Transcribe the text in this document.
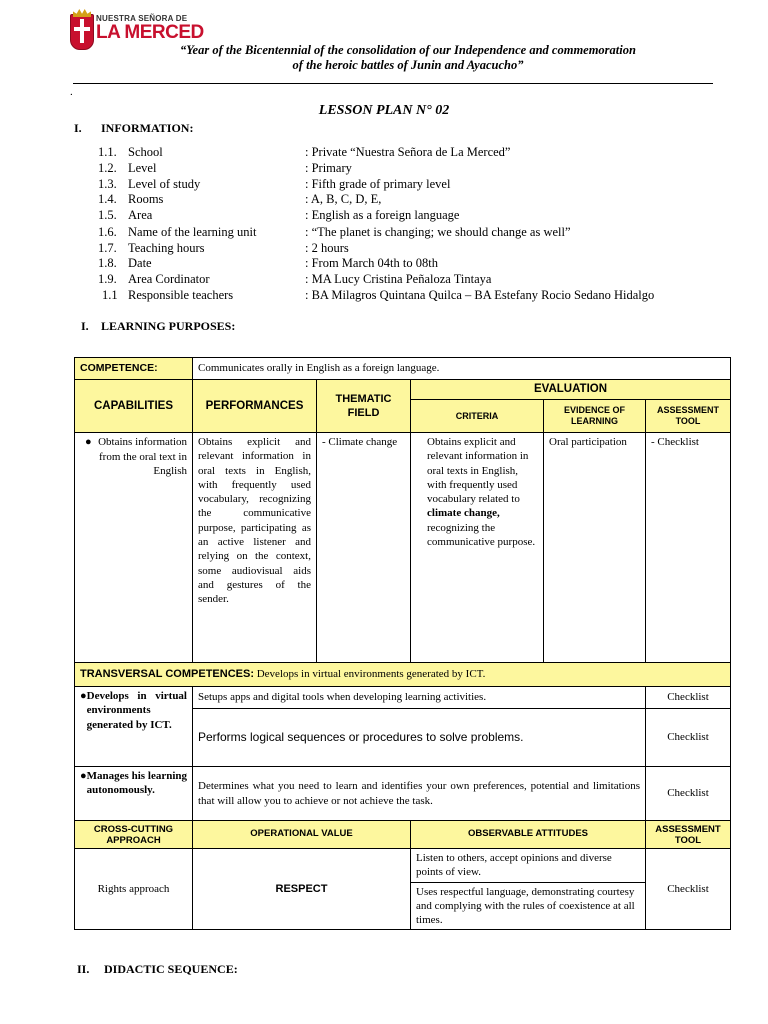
NUESTRA SEÑORA DE
LA MERCED
“Year of the Bicentennial of the consolidation of our Independence and commemoration
of the heroic battles of Junin and Ayacucho”
.
LESSON PLAN N° 02
I. INFORMATION:
1.1. School	: Private “Nuestra Señora de La Merced”
1.2. Level	: Primary
1.3. Level of study	: Fifth grade of primary level
1.4. Rooms	: A, B, C, D, E,
1.5. Area	: English as a foreign language
1.6. Name of the learning unit	: “The planet is changing; we should change as well”
1.7. Teaching hours	: 2 hours
1.8. Date	: From March 04th to 08th
1.9. Area Cordinator	: MA Lucy Cristina Peñaloza Tintaya
1.1 Responsible teachers	: BA Milagros Quintana Quilca – BA Estefany Rocio Sedano Hidalgo
I. LEARNING PURPOSES:
COMPETENCE:	Communicates orally in English as a foreign language.				
CAPABILITIES	PERFORMANCES	THEMATIC FIELD	EVALUATION		
			CRITERIA	EVIDENCE OF LEARNING	ASSESSMENT TOOL

● Obtains information from the oral text in English	Obtains explicit and relevant information in oral texts in English, with frequently used vocabulary, recognizing the communicative purpose, participating as an active listener and relying on the context, some audiovisual aids and gestures of the sender.	- Climate change	Obtains explicit and relevant information in oral texts in English, with frequently used vocabulary related to climate change, recognizing the communicative purpose.	Oral participation	- Checklist
TRANSVERSAL COMPETENCES: Develops in virtual environments generated by ICT.					

● Develops in virtual environments generated by ICT.	Setups apps and digital tools when developing learning activities.				Checklist
	Performs logical sequences or procedures to solve problems.				Checklist

● Manages his learning autonomously.	Determines what you need to learn and identifies your own preferences, potential and limitations that will allow you to achieve or not achieve the task.				Checklist
CROSS-CUTTING APPROACH	OPERATIONAL VALUE		OBSERVABLE ATTITUDES		ASSESSMENT TOOL
Rights approach	RESPECT		Listen to others, accept opinions and diverse points of view.		Checklist
			Uses respectful language, demonstrating courtesy and complying with the rules of coexistence at all times.		
II. DIDACTIC SEQUENCE:
